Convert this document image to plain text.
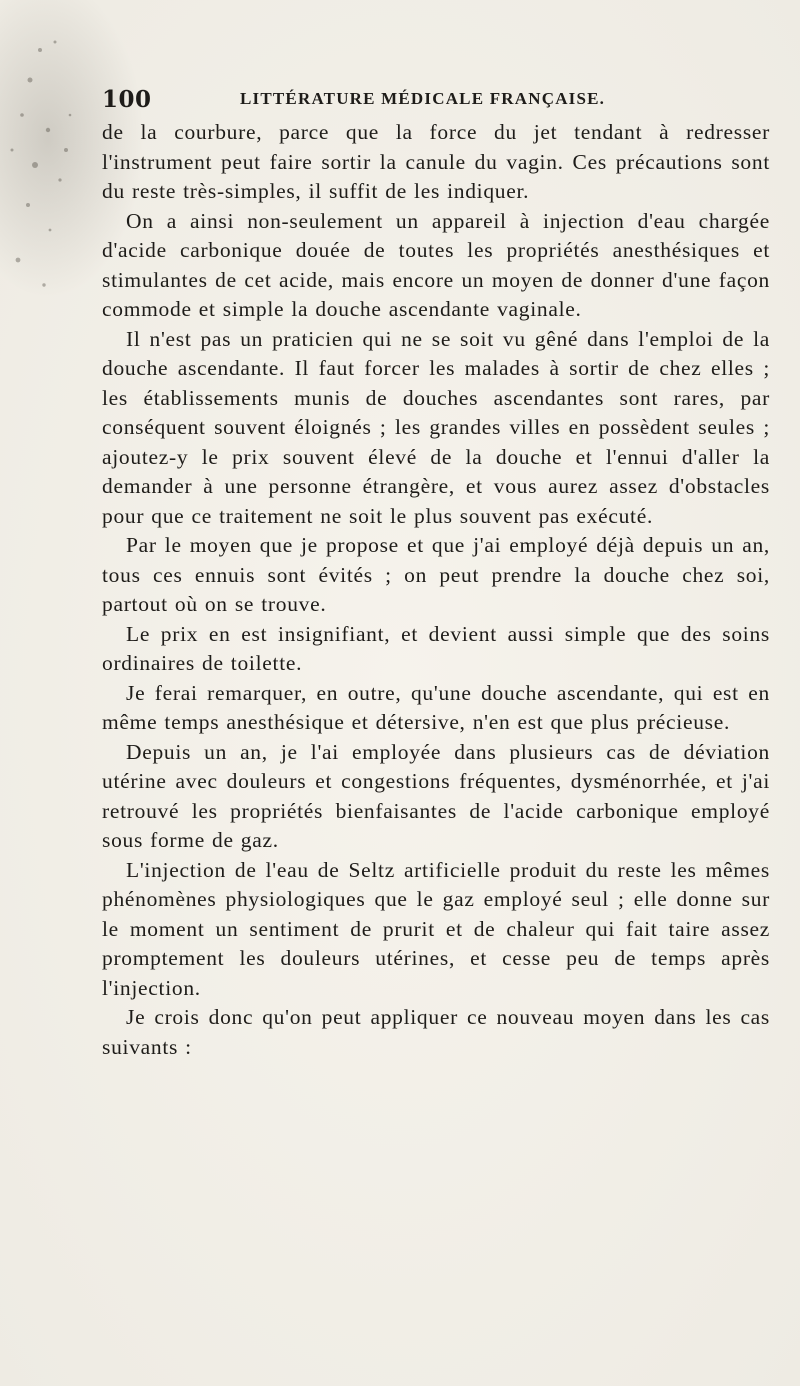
100	LITTÉRATURE MÉDICALE FRANÇAISE.

de la courbure, parce que la force du jet tendant à redresser l'instrument peut faire sortir la canule du vagin. Ces précautions sont du reste très-simples, il suffit de les indiquer.

On a ainsi non-seulement un appareil à injection d'eau chargée d'acide carbonique douée de toutes les propriétés anesthésiques et stimulantes de cet acide, mais encore un moyen de donner d'une façon commode et simple la douche ascendante vaginale.

Il n'est pas un praticien qui ne se soit vu gêné dans l'emploi de la douche ascendante. Il faut forcer les malades à sortir de chez elles ; les établissements munis de douches ascendantes sont rares, par conséquent souvent éloignés ; les grandes villes en possèdent seules ; ajoutez-y le prix souvent élevé de la douche et l'ennui d'aller la demander à une personne étrangère, et vous aurez assez d'obstacles pour que ce traitement ne soit le plus souvent pas exécuté.

Par le moyen que je propose et que j'ai employé déjà depuis un an, tous ces ennuis sont évités ; on peut prendre la douche chez soi, partout où on se trouve.

Le prix en est insignifiant, et devient aussi simple que des soins ordinaires de toilette.

Je ferai remarquer, en outre, qu'une douche ascendante, qui est en même temps anesthésique et détersive, n'en est que plus précieuse.

Depuis un an, je l'ai employée dans plusieurs cas de déviation utérine avec douleurs et congestions fréquentes, dysménorrhée, et j'ai retrouvé les propriétés bienfaisantes de l'acide carbonique employé sous forme de gaz.

L'injection de l'eau de Seltz artificielle produit du reste les mêmes phénomènes physiologiques que le gaz employé seul ; elle donne sur le moment un sentiment de prurit et de chaleur qui fait taire assez promptement les douleurs utérines, et cesse peu de temps après l'injection.

Je crois donc qu'on peut appliquer ce nouveau moyen dans les cas suivants :
